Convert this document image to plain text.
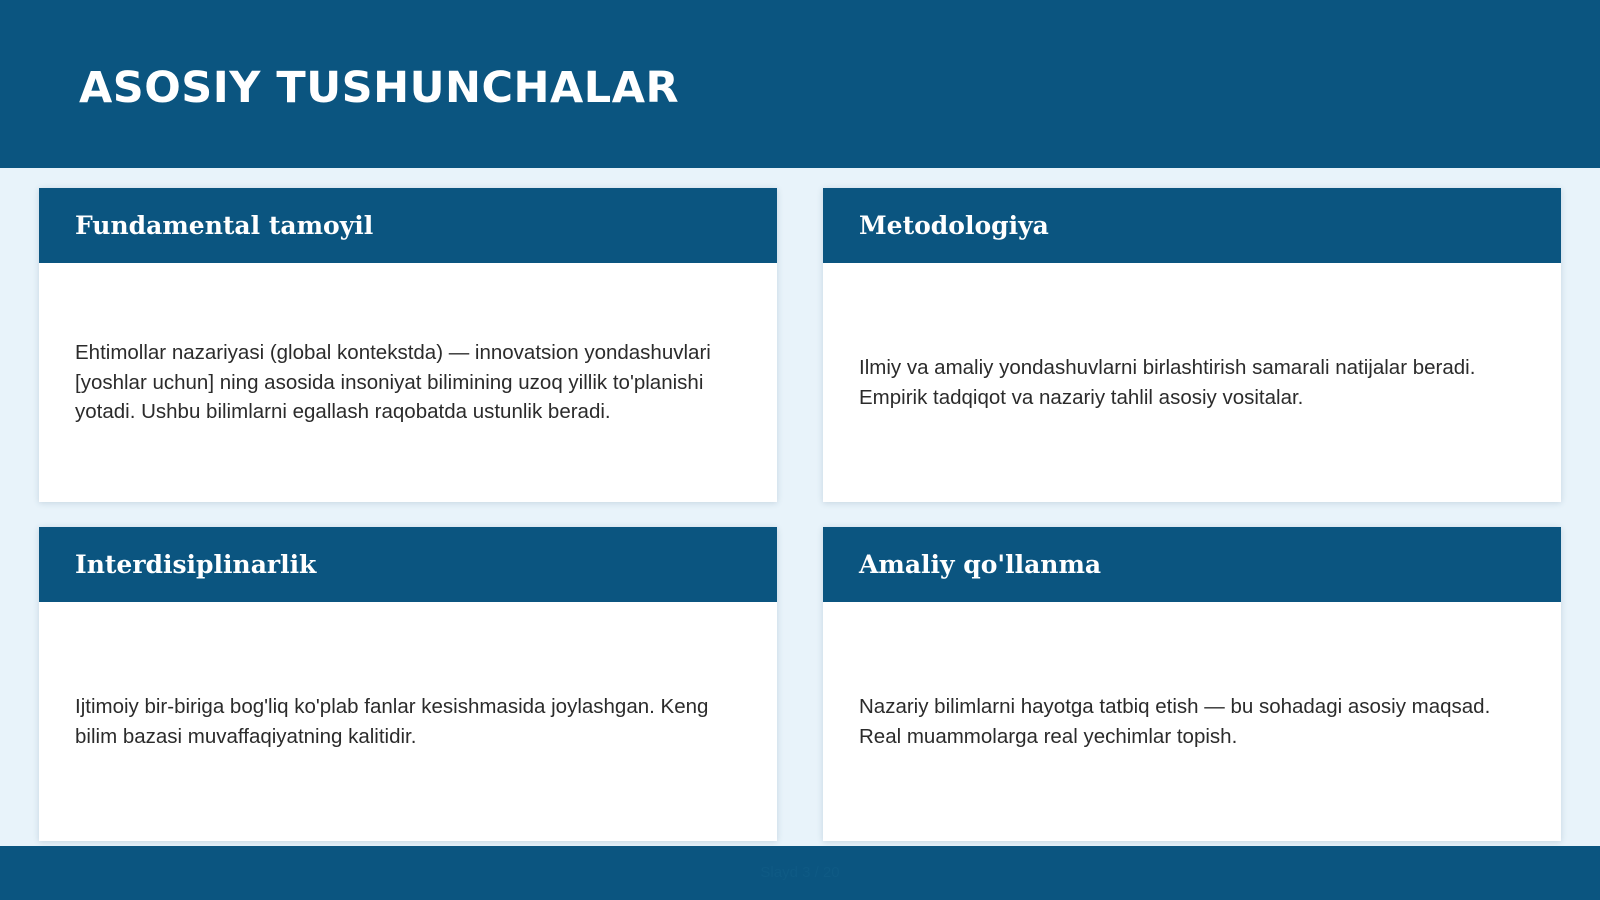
ASOSIY TUSHUNCHALAR
Fundamental tamoyil

Ehtimollar nazariyasi (global kontekstda) — innovatsion yondashuvlari [yoshlar uchun] ning asosida insoniyat bilimining uzoq yillik to'planishi yotadi. Ushbu bilimlarni egallash raqobatda ustunlik beradi.

Metodologiya

Ilmiy va amaliy yondashuvlarni birlashtirish samarali natijalar beradi. Empirik tadqiqot va nazariy tahlil asosiy vositalar.

Interdisiplinarlik

Ijtimoiy bir-biriga bog'liq ko'plab fanlar kesishmasida joylashgan. Keng bilim bazasi muvaffaqiyatning kalitidir.

Amaliy qo'llanma

Nazariy bilimlarni hayotga tatbiq etish — bu sohadagi asosiy maqsad. Real muammolarga real yechimlar topish.

Slayd 3 / 20
